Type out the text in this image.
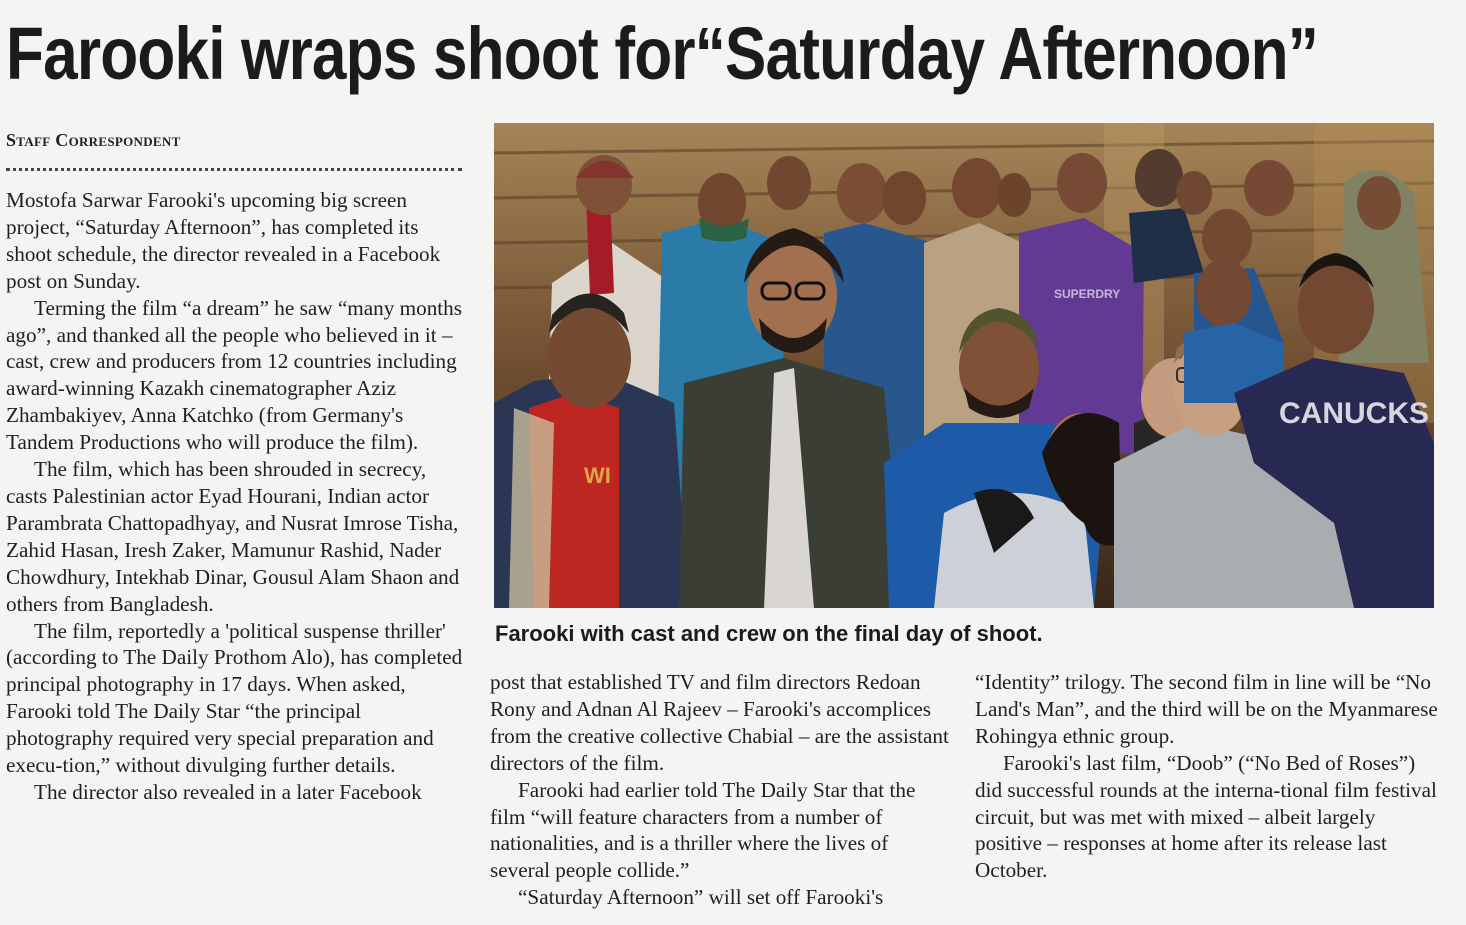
Farooki wraps shoot for“Saturday Afternoon”
Staff Correspondent

Mostofa Sarwar Farooki's upcoming big screen project, “Saturday Afternoon”, has completed its shoot schedule, the director revealed in a Facebook post on Sunday.

Terming the film “a dream” he saw “many months ago”, and thanked all the people who believed in it –cast, crew and producers from 12 countries including award-winning Kazakh cinematographer Aziz Zhambakiyev, Anna Katchko (from Germany's Tandem Productions who will produce the film).

The film, which has been shrouded in secrecy, casts Palestinian actor Eyad Hourani, Indian actor Parambrata Chattopadhyay, and Nusrat Imrose Tisha, Zahid Hasan, Iresh Zaker, Mamunur Rashid, Nader Chowdhury, Intekhab Dinar, Gousul Alam Shaon and others from Bangladesh.

The film, reportedly a 'political suspense thriller' (according to The Daily Prothom Alo), has completed principal photography in 17 days. When asked, Farooki told The Daily Star “the principal photography required very special preparation and execu-tion,” without divulging further details.

The director also revealed in a later Facebook

SUPERDRY
WI
CANUCKS
Farooki with cast and crew on the final day of shoot.

post that established TV and film directors Redoan Rony and Adnan Al Rajeev – Farooki's accomplices from the creative collective Chabial – are the assistant directors of the film.

Farooki had earlier told The Daily Star that the film “will feature characters from a number of nationalities, and is a thriller where the lives of several people collide.”

“Saturday Afternoon” will set off Farooki's

“Identity” trilogy. The second film in line will be “No Land's Man”, and the third will be on the Myanmarese Rohingya ethnic group.

Farooki's last film, “Doob” (“No Bed of Roses”) did successful rounds at the interna-tional film festival circuit, but was met with mixed – albeit largely positive – responses at home after its release last October.
